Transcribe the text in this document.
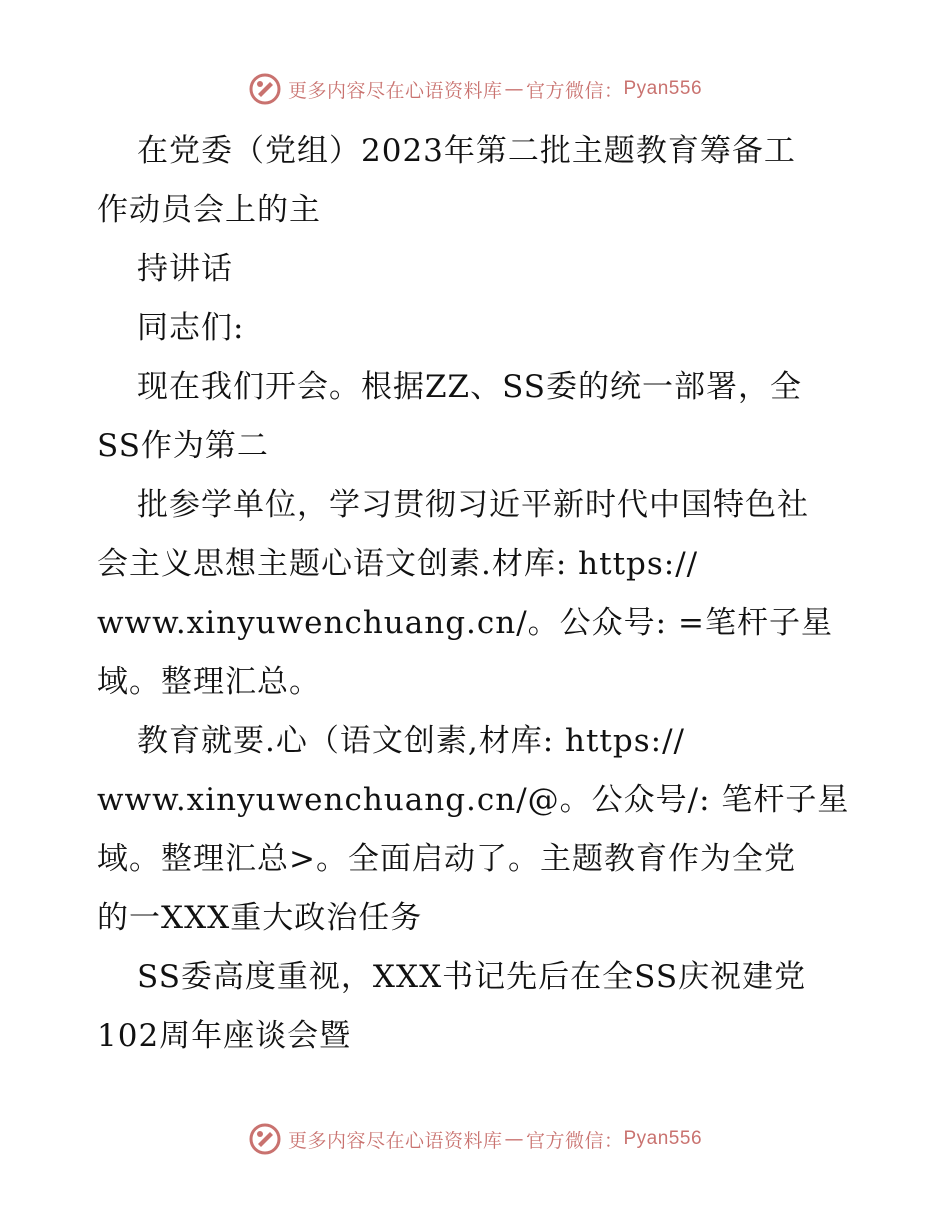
更多内容尽在心语资料库 — 官方微信： Pyan556
在党委（党组）2023年第二批主题教育筹备工
作动员会上的主
持讲话
同志们:
现在我们开会。根据ZZ、SS委的统一部署，全
SS作为第二
批参学单位，学习贯彻习近平新时代中国特色社
会主义思想主题心语文创素.材库: https://
www.xinyuwenchuang.cn/。公众号: =笔杆子星
域。整理汇总。
教育就要.心（语文创素,材库: https://
www.xinyuwenchuang.cn/@。公众号/: 笔杆子星
域。整理汇总>。全面启动了。主题教育作为全党
的一XXX重大政治任务
SS委高度重视，XXX书记先后在全SS庆祝建党
102周年座谈会暨
更多内容尽在心语资料库 — 官方微信： Pyan556
